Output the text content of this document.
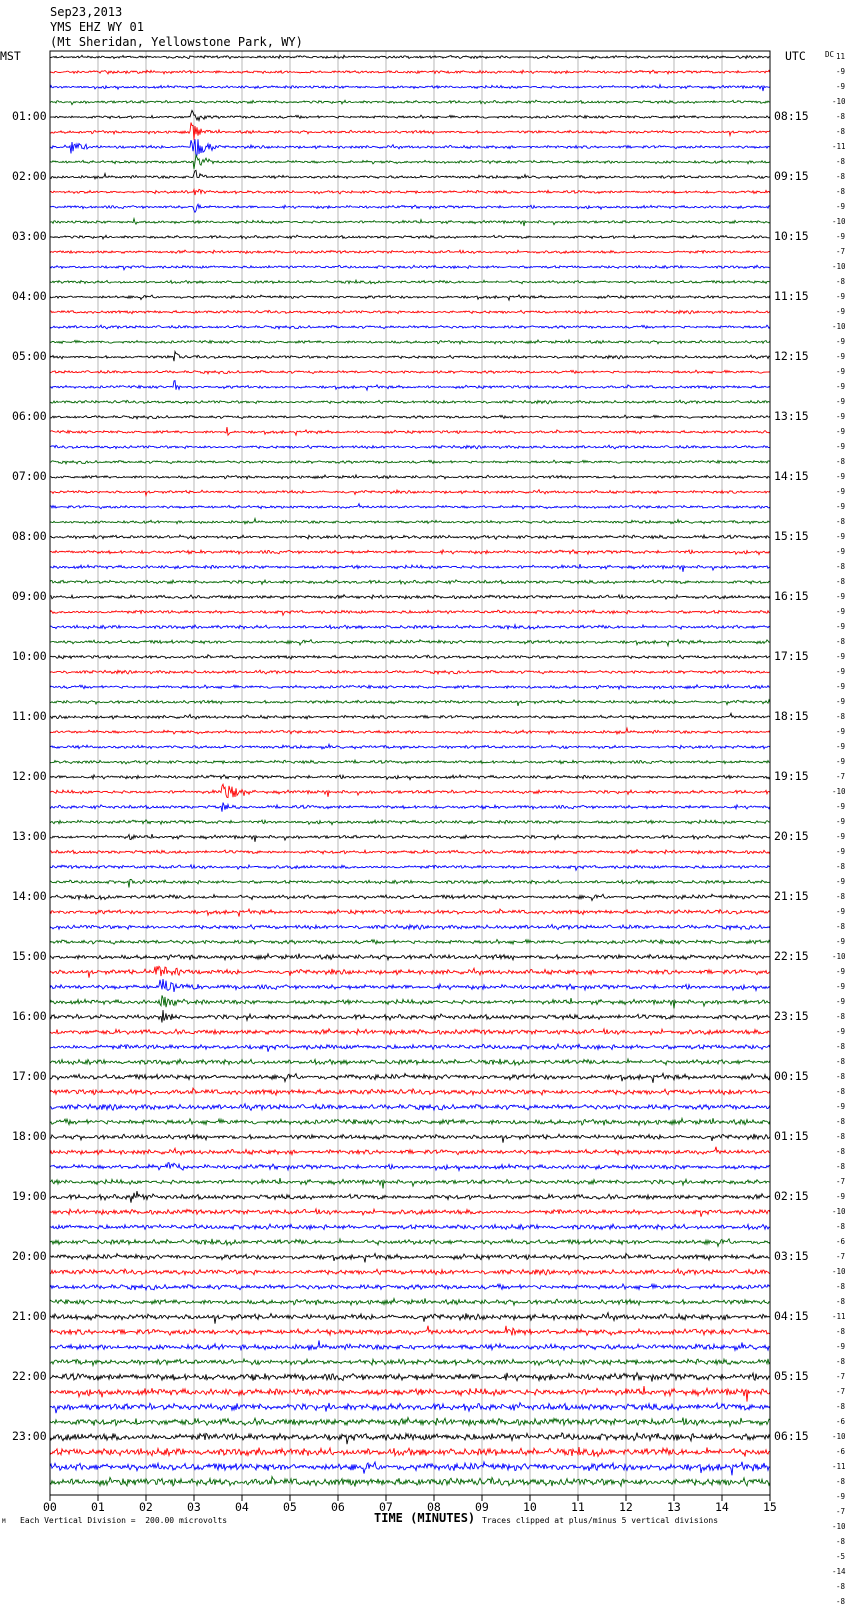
Sep23,2013
YMS EHZ WY 01
(Mt Sheridan, Yellowstone Park, WY)
MST	UTC	DC
00	01	02	03	04	05	06	07	08	09	10	11	12	13	14	15
01:00
02:00
03:00
04:00
05:00
06:00
07:00
08:00
09:00
10:00
11:00
12:00
13:00
14:00
15:00
16:00
17:00
18:00
19:00
20:00
21:00
22:00
23:00
08:15
09:15
10:15
11:15
12:15
13:15
14:15
15:15
16:15
17:15
18:15
19:15
20:15
21:15
22:15
23:15
00:15
01:15
02:15
03:15
04:15
05:15
06:15
11
-9
-9
-10
-8
-8
-11
-8
-8
-8
-9
-10
-9
-7
-10
-8
-9
-9
-10
-9
-9
-9
-9
-9
-9
-9
-9
-8
-9
-9
-9
-8
-9
-9
-8
-8
-9
-9
-9
-8
-9
-9
-9
-9
-8
-9
-9
-9
-7
-10
-9
-9
-9
-9
-8
-9
-8
-9
-8
-9
-10
-9
-9
-9
-8
-9
-8
-8
-8
-8
-9
-8
-8
-8
-8
-7
-9
-10
-8
-6
-7
-10
-8
-8
-11
-8
-9
-8
-7
-7
-8
-6
-10
-6
-11
-8
-9
-7
-10
-8
-5
-14
-8
-8
TIME (MINUTES)
Each Vertical Division =  200.00 microvolts	Traces clipped at plus/minus 5 vertical divisions
M
